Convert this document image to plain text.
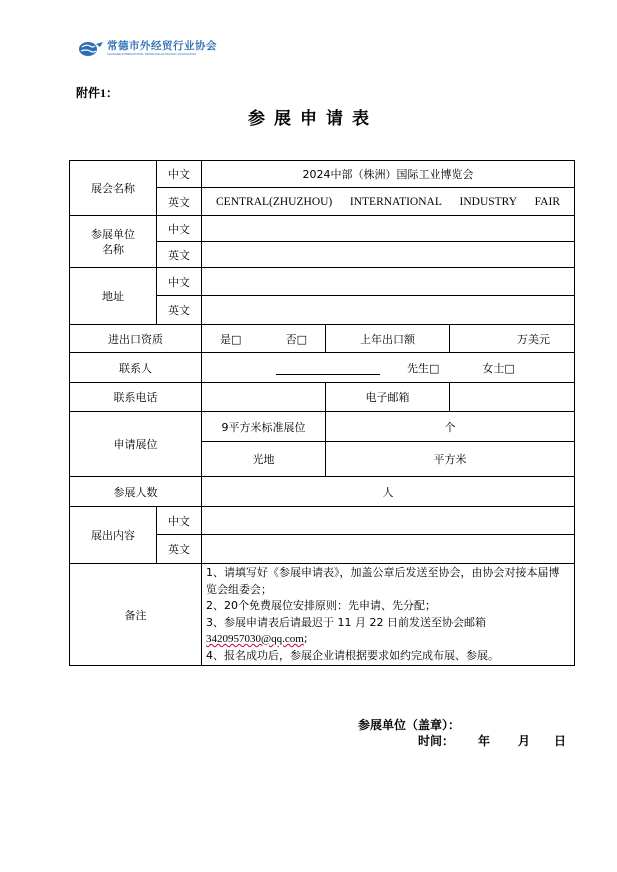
常德市外经贸行业协会
CHANGDE INTERNATIONAL TRADE AND ECONOMIC ASSOCIATION
附件1：
参展申请表
展会名称	中文	2024中部（株洲）国际工业博览会		
	英文	CENTRAL(ZHUZHOU) INTERNATIONAL INDUSTRY FAIR		

参展单位
名称	中文			
	英文			
地址	中文			
	英文			
进出口资质		是□ 否□	上年出口额	万美元
联系人		先生□ 女士□		
联系电话			电子邮箱	
申请展位		9平方米标准展位	个	
		光地	平方米	
参展人数		人		
展出内容	中文			
	英文			
备注		1、请填写好《参展申请表》，加盖公章后发送至协会，由协会对接本届博览会组委会；
2、20个免费展位安排原则：先申请、先分配；
3、参展申请表后请最迟于 11 月 22 日前发送至协会邮箱
3420957030@qq.com;
4、报名成功后，参展企业请根据要求如约完成布展、参展。		
参展单位（盖章）：
时间：	年	月	日
